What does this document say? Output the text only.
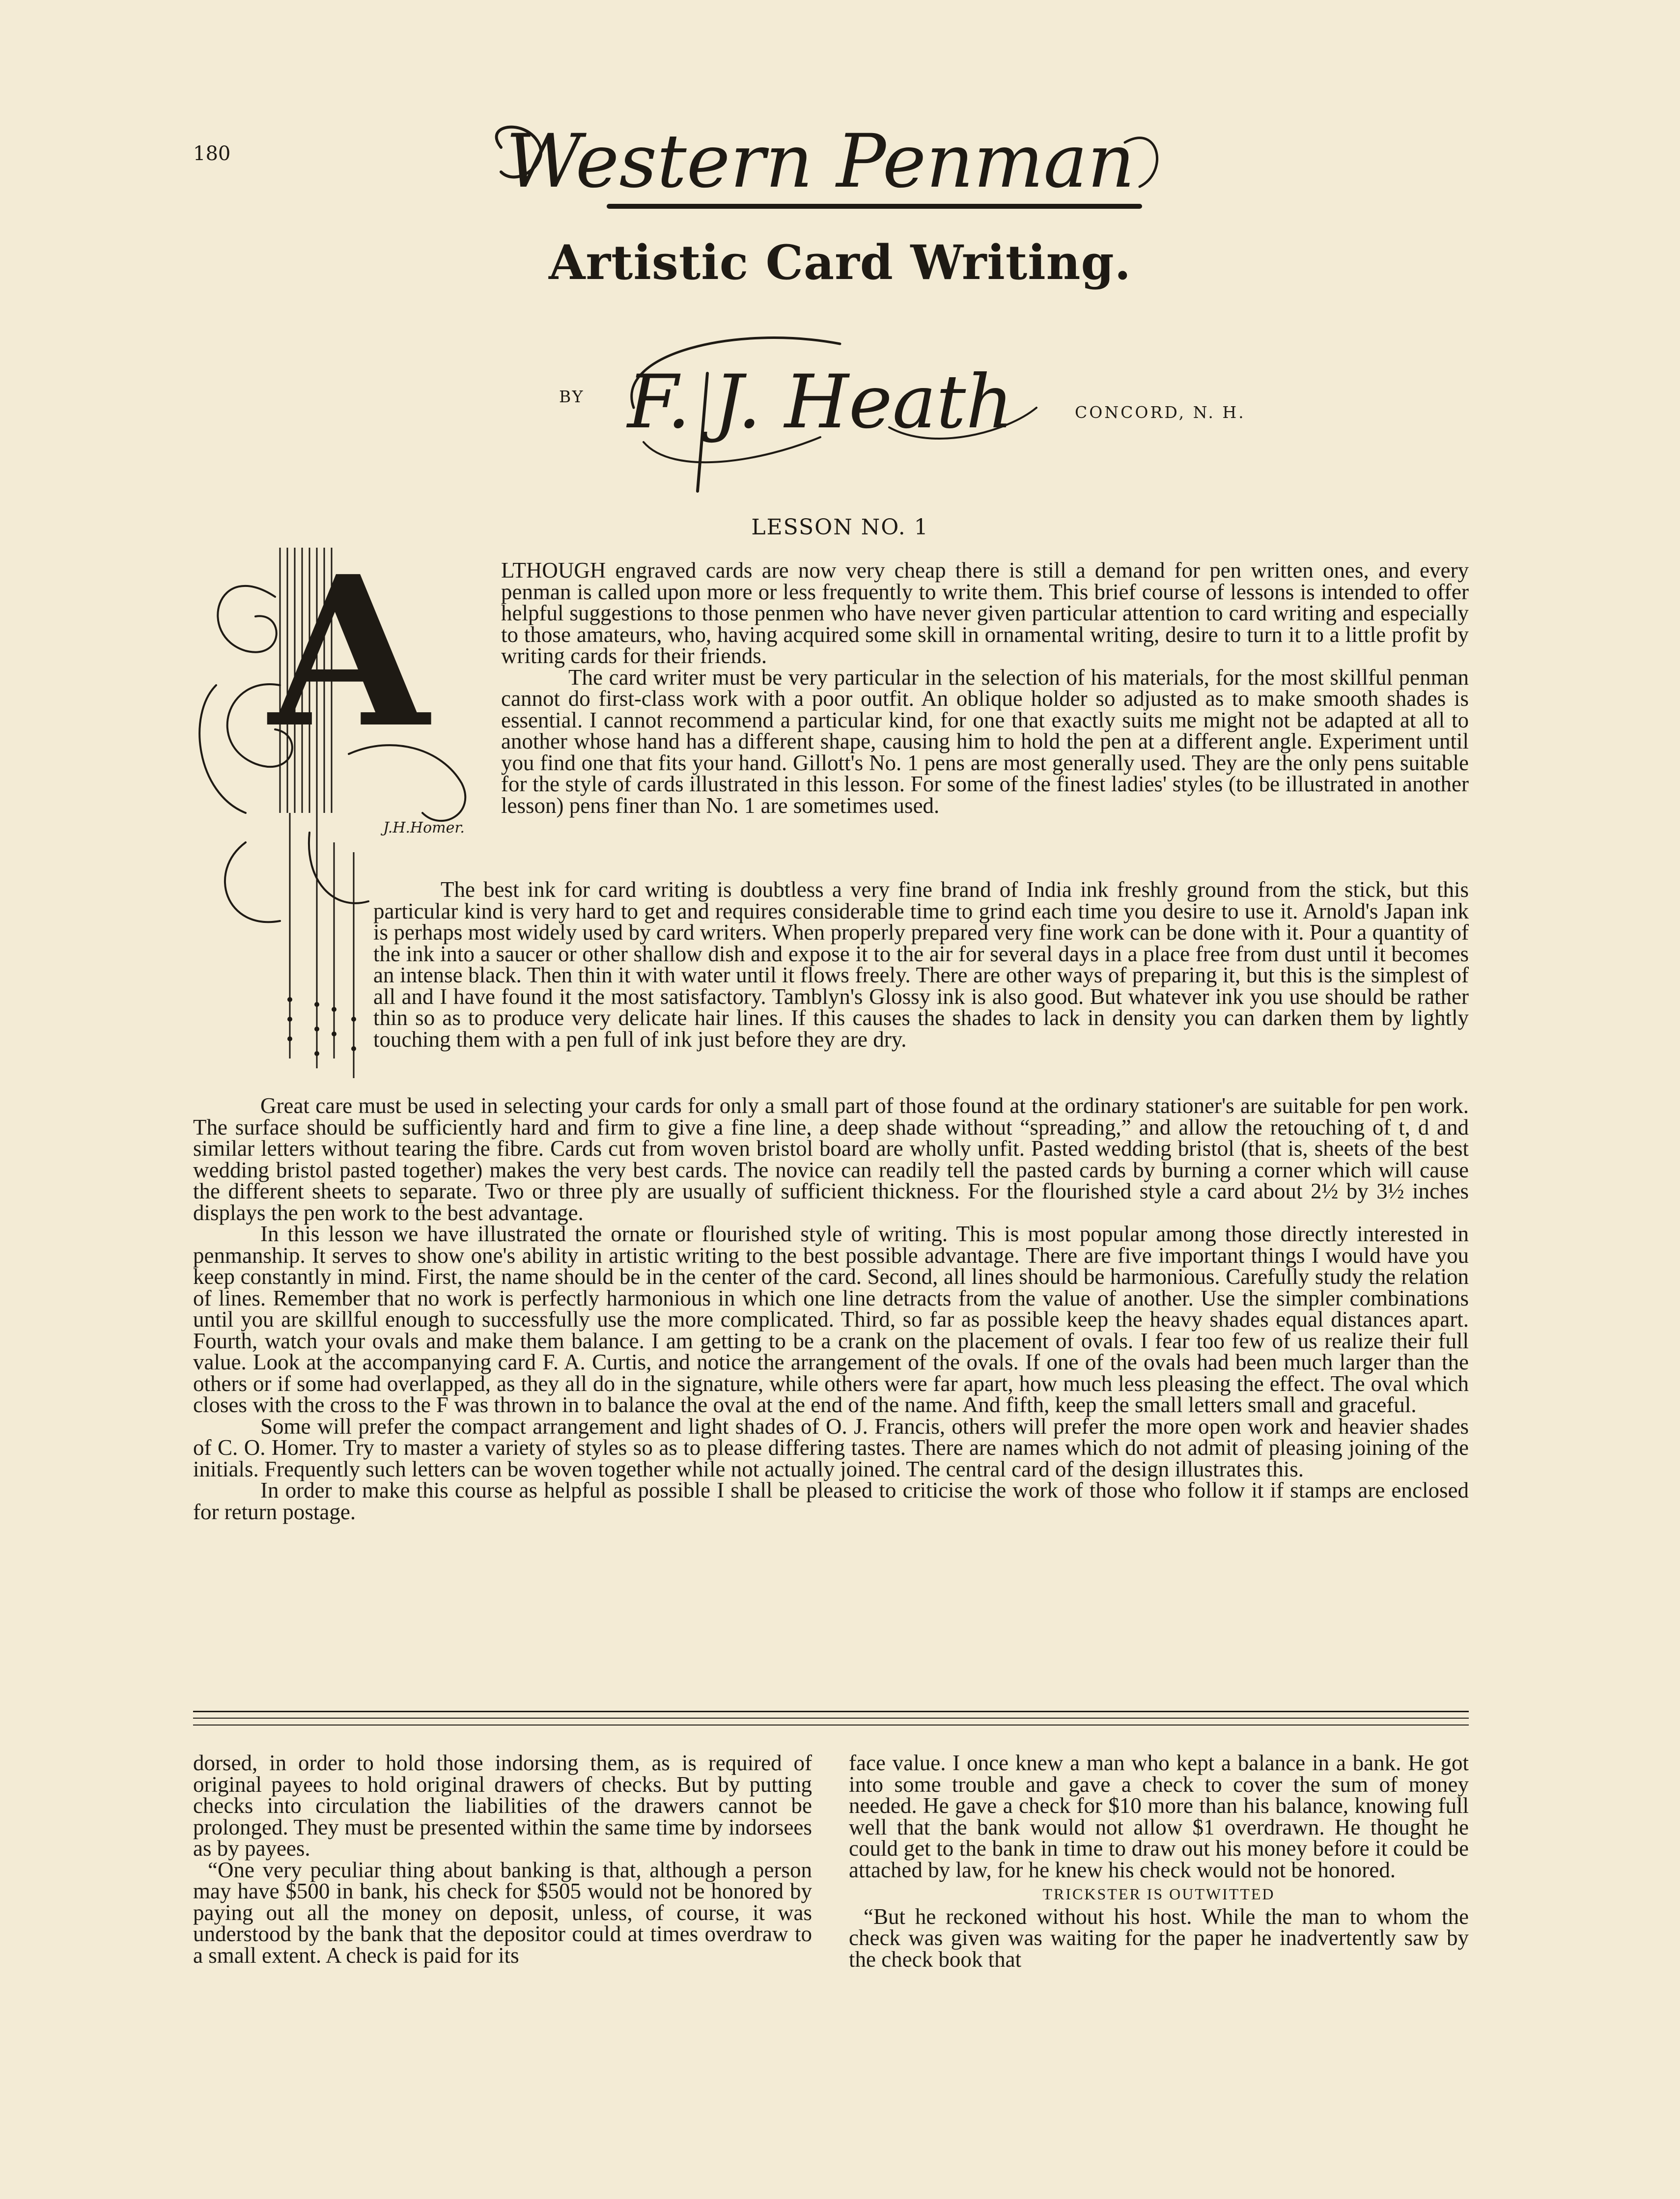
180	Western Penman
Artistic Card Writing.
BY F. J. Heath	CONCORD, N. H.
LESSON NO. 1
A
J.H.Homer.

LTHOUGH engraved cards are now very cheap there is still a demand for pen written ones, and every penman is called upon more or less frequently to write them. This brief course of lessons is intended to offer helpful suggestions to those penmen who have never given particular attention to card writing and especially to those amateurs, who, having acquired some skill in ornamental writing, desire to turn it to a little profit by writing cards for their friends.

The card writer must be very particular in the selection of his materials, for the most skillful penman cannot do first-class work with a poor outfit. An oblique holder so adjusted as to make smooth shades is essential. I cannot recommend a particular kind, for one that exactly suits me might not be adapted at all to another whose hand has a different shape, causing him to hold the pen at a different angle. Experiment until you find one that fits your hand. Gillott's No. 1 pens are most generally used. They are the only pens suitable for the style of cards illustrated in this lesson. For some of the finest ladies' styles (to be illustrated in another lesson) pens finer than No. 1 are sometimes used.

The best ink for card writing is doubtless a very fine brand of India ink freshly ground from the stick, but this particular kind is very hard to get and requires considerable time to grind each time you desire to use it. Arnold's Japan ink is perhaps most widely used by card writers. When properly prepared very fine work can be done with it. Pour a quantity of the ink into a saucer or other shallow dish and expose it to the air for several days in a place free from dust until it becomes an intense black. Then thin it with water until it flows freely. There are other ways of preparing it, but this is the simplest of all and I have found it the most satisfactory. Tamblyn's Glossy ink is also good. But whatever ink you use should be rather thin so as to produce very delicate hair lines. If this causes the shades to lack in density you can darken them by lightly touching them with a pen full of ink just before they are dry.

Great care must be used in selecting your cards for only a small part of those found at the ordinary stationer's are suitable for pen work. The surface should be sufficiently hard and firm to give a fine line, a deep shade without “spreading,” and allow the retouching of t, d and similar letters without tearing the fibre. Cards cut from woven bristol board are wholly unfit. Pasted wedding bristol (that is, sheets of the best wedding bristol pasted together) makes the very best cards. The novice can readily tell the pasted cards by burning a corner which will cause the different sheets to separate. Two or three ply are usually of sufficient thickness. For the flourished style a card about 2½ by 3½ inches displays the pen work to the best advantage.

In this lesson we have illustrated the ornate or flourished style of writing. This is most popular among those directly interested in penmanship. It serves to show one's ability in artistic writing to the best possible advantage. There are five important things I would have you keep constantly in mind. First, the name should be in the center of the card. Second, all lines should be harmonious. Carefully study the relation of lines. Remember that no work is perfectly harmonious in which one line detracts from the value of another. Use the simpler combinations until you are skillful enough to successfully use the more complicated. Third, so far as possible keep the heavy shades equal distances apart. Fourth, watch your ovals and make them balance. I am getting to be a crank on the placement of ovals. I fear too few of us realize their full value. Look at the accompanying card F. A. Curtis, and notice the arrangement of the ovals. If one of the ovals had been much larger than the others or if some had overlapped, as they all do in the signature, while others were far apart, how much less pleasing the effect. The oval which closes with the cross to the F was thrown in to balance the oval at the end of the name. And fifth, keep the small letters small and graceful.

Some will prefer the compact arrangement and light shades of O. J. Francis, others will prefer the more open work and heavier shades of C. O. Homer. Try to master a variety of styles so as to please differing tastes. There are names which do not admit of pleasing joining of the initials. Frequently such letters can be woven together while not actually joined. The central card of the design illustrates this.

In order to make this course as helpful as possible I shall be pleased to criticise the work of those who follow it if stamps are enclosed for return postage.

dorsed, in order to hold those indorsing them, as is required of original payees to hold original drawers of checks. But by putting checks into circulation the liabilities of the drawers cannot be prolonged. They must be presented within the same time by indorsees as by payees.

“One very peculiar thing about banking is that, although a person may have $500 in bank, his check for $505 would not be honored by paying out all the money on deposit, unless, of course, it was understood by the bank that the depositor could at times overdraw to a small extent. A check is paid for its

face value. I once knew a man who kept a balance in a bank. He got into some trouble and gave a check to cover the sum of money needed. He gave a check for $10 more than his balance, knowing full well that the bank would not allow $1 overdrawn. He thought he could get to the bank in time to draw out his money before it could be attached by law, for he knew his check would not be honored.

TRICKSTER IS OUTWITTED

“But he reckoned without his host. While the man to whom the check was given was waiting for the paper he inadvertently saw by the check book that
